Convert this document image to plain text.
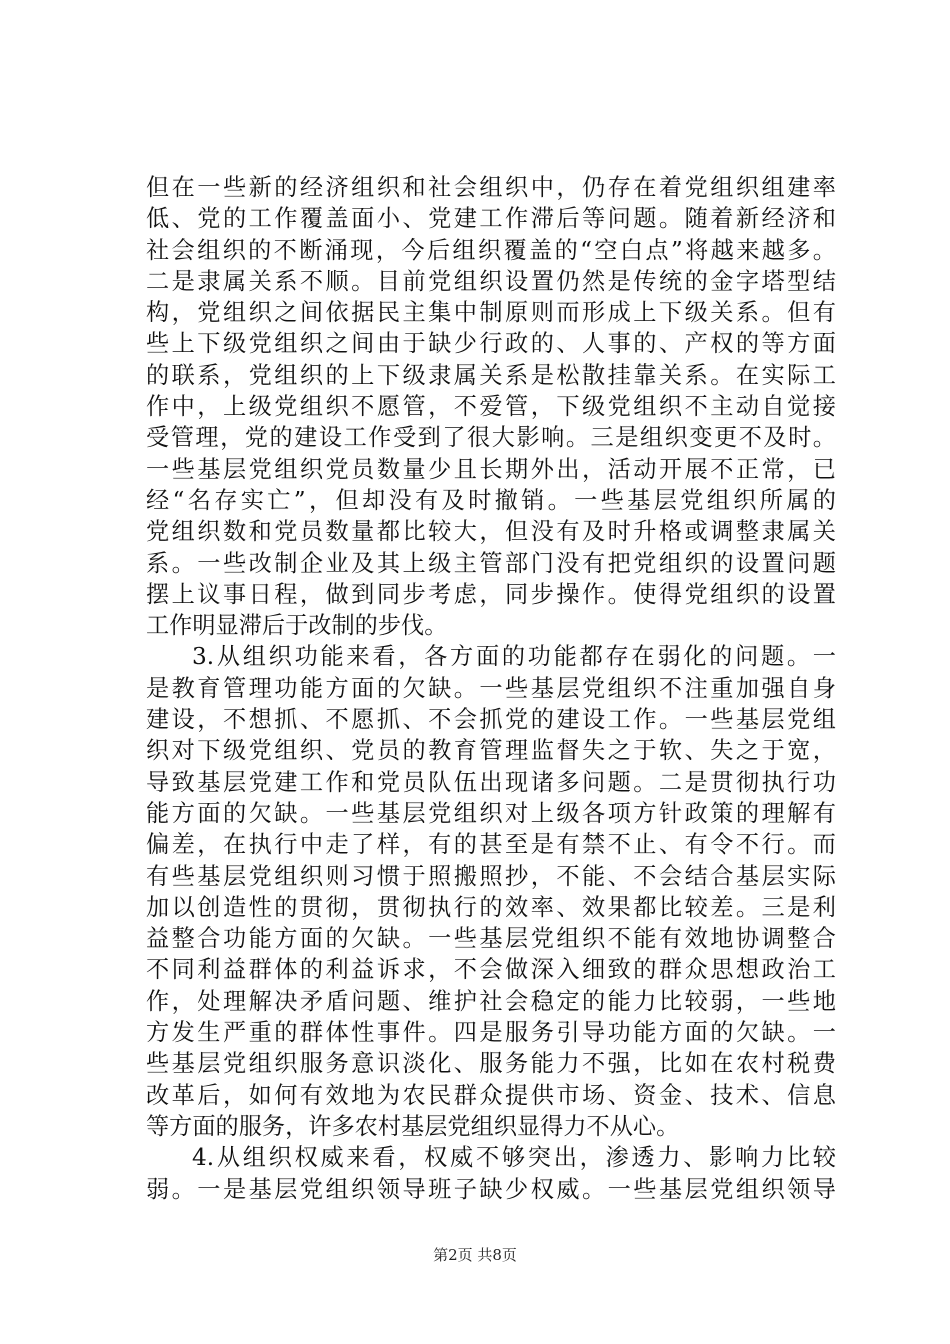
但在一些新的经济组织和社会组织中，仍存在着党组织组建率
低、党的工作覆盖面小、党建工作滞后等问题。随着新经济和
社会组织的不断涌现，今后组织覆盖的“空白点”将越来越多。
二是隶属关系不顺。目前党组织设置仍然是传统的金字塔型结
构，党组织之间依据民主集中制原则而形成上下级关系。但有
些上下级党组织之间由于缺少行政的、人事的、产权的等方面
的联系，党组织的上下级隶属关系是松散挂靠关系。在实际工
作中，上级党组织不愿管，不爱管，下级党组织不主动自觉接
受管理，党的建设工作受到了很大影响。三是组织变更不及时。
一些基层党组织党员数量少且长期外出，活动开展不正常，已
经“名存实亡”，但却没有及时撤销。一些基层党组织所属的
党组织数和党员数量都比较大，但没有及时升格或调整隶属关
系。一些改制企业及其上级主管部门没有把党组织的设置问题
摆上议事日程，做到同步考虑，同步操作。使得党组织的设置
工作明显滞后于改制的步伐。
3.从组织功能来看，各方面的功能都存在弱化的问题。一
是教育管理功能方面的欠缺。一些基层党组织不注重加强自身
建设，不想抓、不愿抓、不会抓党的建设工作。一些基层党组
织对下级党组织、党员的教育管理监督失之于软、失之于宽，
导致基层党建工作和党员队伍出现诸多问题。二是贯彻执行功
能方面的欠缺。一些基层党组织对上级各项方针政策的理解有
偏差，在执行中走了样，有的甚至是有禁不止、有令不行。而
有些基层党组织则习惯于照搬照抄，不能、不会结合基层实际
加以创造性的贯彻，贯彻执行的效率、效果都比较差。三是利
益整合功能方面的欠缺。一些基层党组织不能有效地协调整合
不同利益群体的利益诉求，不会做深入细致的群众思想政治工
作，处理解决矛盾问题、维护社会稳定的能力比较弱，一些地
方发生严重的群体性事件。四是服务引导功能方面的欠缺。一
些基层党组织服务意识淡化、服务能力不强，比如在农村税费
改革后，如何有效地为农民群众提供市场、资金、技术、信息
等方面的服务，许多农村基层党组织显得力不从心。
4.从组织权威来看，权威不够突出，渗透力、影响力比较
弱。一是基层党组织领导班子缺少权威。一些基层党组织领导
第2页 共8页
